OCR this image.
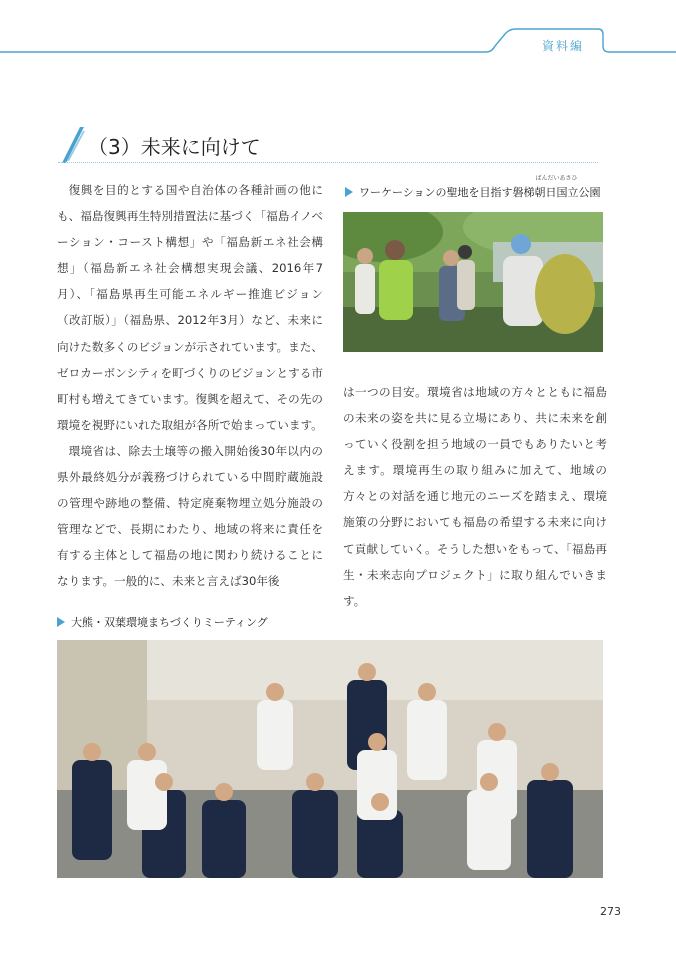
資料編
（3）未来に向けて

復興を目的とする国や自治体の各種計画の他にも、福島復興再生特別措置法に基づく「福島イノベーション・コースト構想」や「福島新エネ社会構想」（福島新エネ社会構想実現会議、2016年7月）、「福島県再生可能エネルギー推進ビジョン（改訂版）」（福島県、2012年3月）など、未来に向けた数多くのビジョンが示されています。また、ゼロカーボンシティを町づくりのビジョンとする市町村も増えてきています。復興を超えて、その先の環境を視野にいれた取組が各所で始まっています。

環境省は、除去土壌等の搬入開始後30年以内の県外最終処分が義務づけられている中間貯蔵施設の管理や跡地の整備、特定廃棄物埋立処分施設の管理などで、長期にわたり、地域の将来に責任を有する主体として福島の地に関わり続けることになります。一般的に、未来と言えば30年後

ワーケーションの聖地を目指す
ばんだいあさひ
磐梯朝日国立公園

は一つの目安。環境省は地域の方々とともに福島の未来の姿を共に見る立場にあり、共に未来を創っていく役割を担う地域の一員でもありたいと考えます。環境再生の取り組みに加えて、地域の方々との対話を通じ地元のニーズを踏まえ、環境施策の分野においても福島の希望する未来に向けて貢献していく。そうした想いをもって、「福島再生・未来志向プロジェクト」に取り組んでいきます。

大熊・双葉環境まちづくりミーティング
273
